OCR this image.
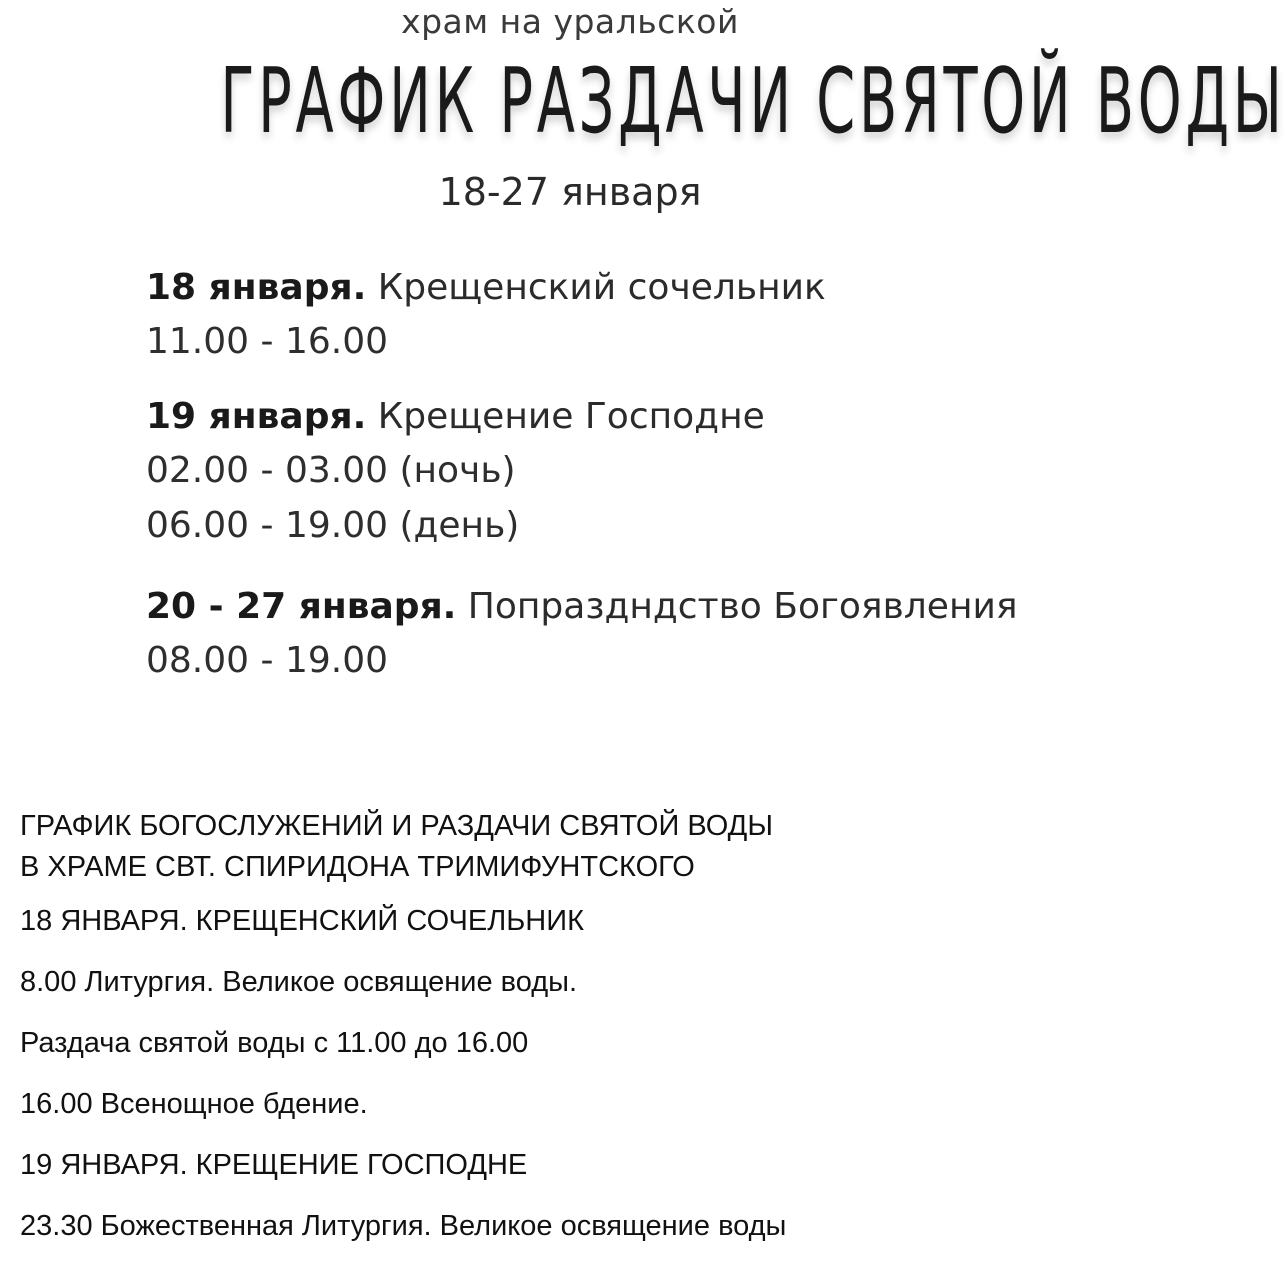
храм на уральской
ГРАФИК РАЗДАЧИ СВЯТОЙ ВОДЫ
18-27 января
18 января. Крещенский сочельник
11.00 - 16.00
19 января. Крещение Господне
02.00 - 03.00 (ночь)
06.00 - 19.00 (день)
20 - 27 января. Попраздндство Богоявления
08.00 - 19.00
ГРАФИК БОГОСЛУЖЕНИЙ И РАЗДАЧИ СВЯТОЙ ВОДЫ
В ХРАМЕ СВТ. СПИРИДОНА ТРИМИФУНТСКОГО
18 ЯНВАРЯ. КРЕЩЕНСКИЙ СОЧЕЛЬНИК
8.00 Литургия. Великое освящение воды.
Раздача святой воды с 11.00 до 16.00
16.00 Всенощное бдение.
19 ЯНВАРЯ. КРЕЩЕНИЕ ГОСПОДНЕ
23.30 Божественная Литургия. Великое освящение воды
